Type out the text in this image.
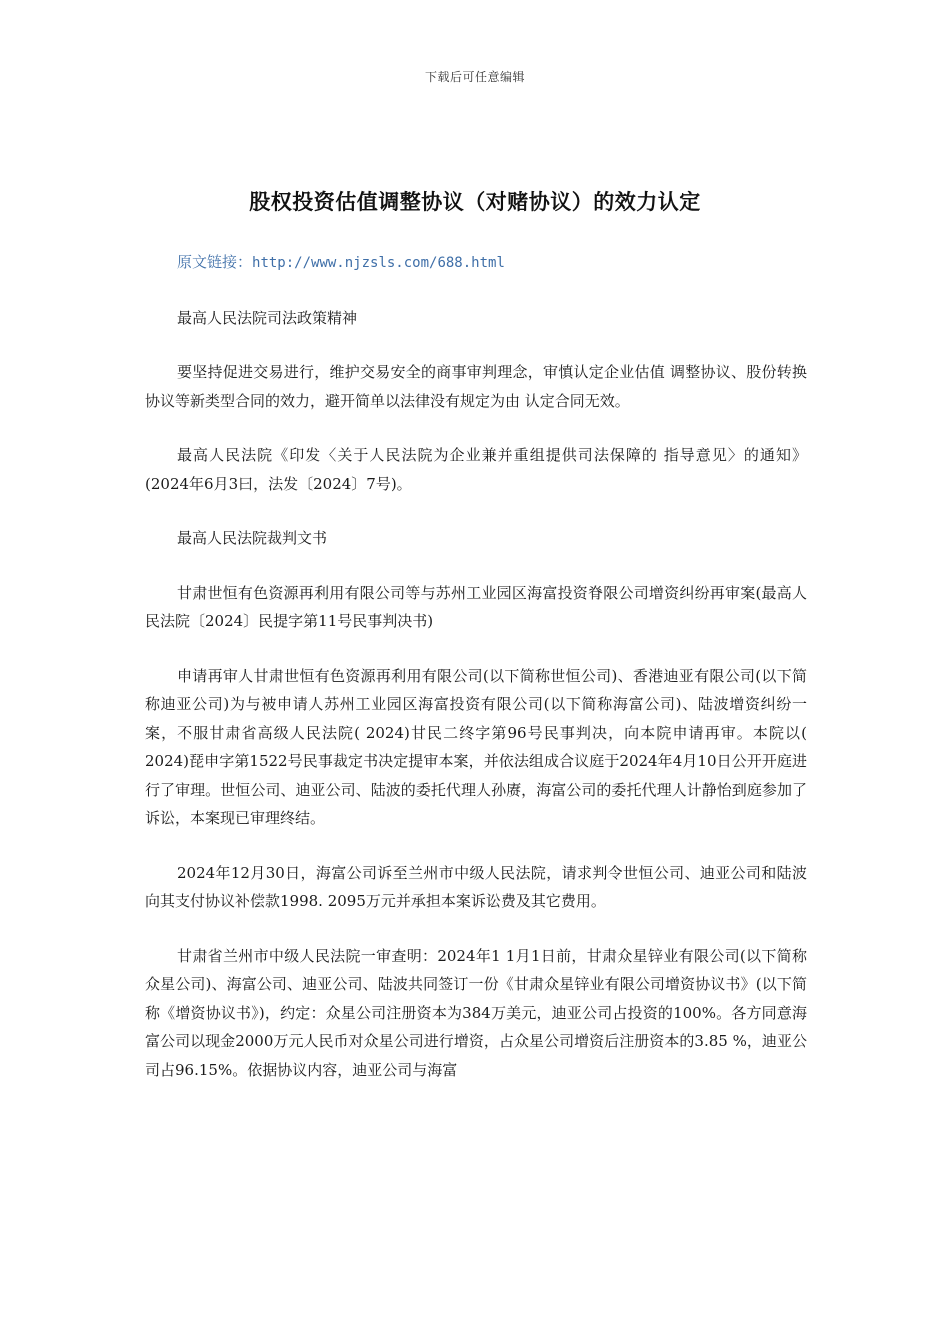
下载后可任意编辑
股权投资估值调整协议（对赌协议）的效力认定

原文链接：http://www.njzsls.com/688.html

最高人民法院司法政策精神

要坚持促进交易进行，维护交易安全的商事审判理念，审慎认定企业估值 调整协议、股份转换协议等新类型合同的效力，避开简单以法律没有规定为由 认定合同无效。

最高人民法院《印发〈关于人民法院为企业兼并重组提供司法保障的 指导意见〉的通知》(2024年6月3曰，法发〔2024〕7号)。

最高人民法院裁判文书

甘肃世恒有色资源再利用有限公司等与苏州工业园区海富投资脊限公司增资纠纷再审案(最高人民法院〔2024〕民提字第11号民事判决书)

申请再审人甘肃世恒有色资源再利用有限公司(以下简称世恒公司)、香港迪亚有限公司(以下简称迪亚公司)为与被申请人苏州工业园区海富投资有限公司(以下简称海富公司)、陆波增资纠纷一案，不服甘肃省高级人民法院( 2024)甘民二终字第96号民事判决，向本院申请再审。本院以( 2024)琵申字第1522号民事裁定书决定提审本案，并依法组成合议庭于2024年4月10日公开开庭进行了审理。世恒公司、迪亚公司、陆波的委托代理人孙赓，海富公司的委托代理人计静怡到庭参加了诉讼，本案现已审理终结。

2024年12月30日，海富公司诉至兰州市中级人民法院，请求判令世恒公司、迪亚公司和陆波向其支付协议补偿款1998. 2095万元并承担本案诉讼费及其它费用。

甘肃省兰州市中级人民法院一审查明：2024年1 1月1日前，甘肃众星锌业有限公司(以下简称众星公司)、海富公司、迪亚公司、陆波共同签订一份《甘肃众星锌业有限公司增资协议书》(以下简称《增资协议书》)，约定：众星公司注册资本为384万美元，迪亚公司占投资的100%。各方同意海富公司以现金2000万元人民币对众星公司进行增资，占众星公司增资后注册资本的3.85 %，迪亚公司占96.15%。依据协议内容，迪亚公司与海富
